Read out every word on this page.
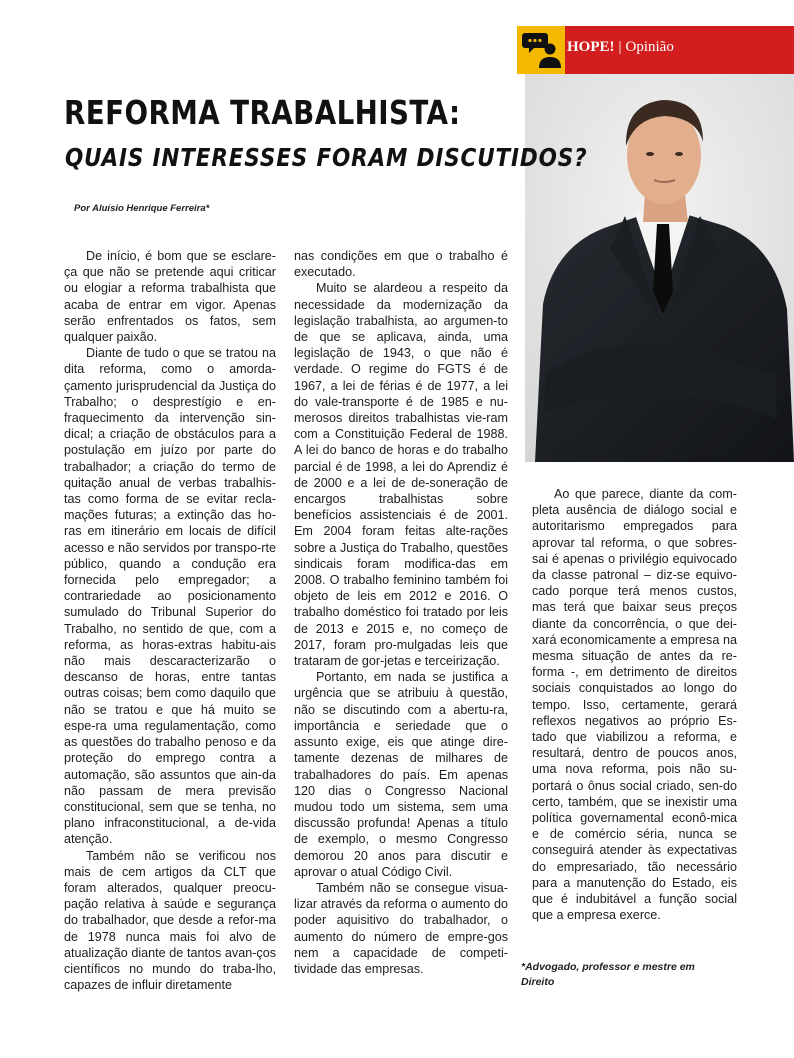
HOPE! | Opinião
REFORMA TRABALHISTA:
QUAIS INTERESSES FORAM DISCUTIDOS?
Por Aluísio Henrique Ferreira*

De início, é bom que se esclare-ça que não se pretende aqui criticar ou elogiar a reforma trabalhista que acaba de entrar em vigor. Apenas serão enfrentados os fatos, sem qualquer paixão.

Diante de tudo o que se tratou na dita reforma, como o amorda-çamento jurisprudencial da Justiça do Trabalho; o desprestígio e en-fraquecimento da intervenção sin-dical; a criação de obstáculos para a postulação em juízo por parte do trabalhador; a criação do termo de quitação anual de verbas trabalhis-tas como forma de se evitar recla-mações futuras; a extinção das ho-ras em itinerário em locais de difícil acesso e não servidos por transpo-rte público, quando a condução era fornecida pelo empregador; a contrariedade ao posicionamento sumulado do Tribunal Superior do Trabalho, no sentido de que, com a reforma, as horas-extras habitu-ais não mais descaracterizarão o descanso de horas, entre tantas outras coisas; bem como daquilo que não se tratou e que há muito se espe-ra uma regulamentação, como as questões do trabalho penoso e da proteção do emprego contra a automação, são assuntos que ain-da não passam de mera previsão constitucional, sem que se tenha, no plano infraconstitucional, a de-vida atenção.

Também não se verificou nos mais de cem artigos da CLT que foram alterados, qualquer preocu-pação relativa à saúde e segurança do trabalhador, que desde a refor-ma de 1978 nunca mais foi alvo de atualização diante de tantos avan-ços científicos no mundo do traba-lho, capazes de influir diretamente

nas condições em que o trabalho é executado.

Muito se alardeou a respeito da necessidade da modernização da legislação trabalhista, ao argumen-to de que se aplicava, ainda, uma legislação de 1943, o que não é verdade. O regime do FGTS é de 1967, a lei de férias é de 1977, a lei do vale-transporte é de 1985 e nu-merosos direitos trabalhistas vie-ram com a Constituição Federal de 1988. A lei do banco de horas e do trabalho parcial é de 1998, a lei do Aprendiz é de 2000 e a lei de de-soneração de encargos trabalhistas sobre benefícios assistenciais é de 2001. Em 2004 foram feitas alte-rações sobre a Justiça do Trabalho, questões sindicais foram modifica-das em 2008. O trabalho feminino também foi objeto de leis em 2012 e 2016. O trabalho doméstico foi tratado por leis de 2013 e 2015 e, no começo de 2017, foram pro-mulgadas leis que trataram de gor-jetas e terceirização.

Portanto, em nada se justifica a urgência que se atribuiu à questão, não se discutindo com a abertu-ra, importância e seriedade que o assunto exige, eis que atinge dire-tamente dezenas de milhares de trabalhadores do país. Em apenas 120 dias o Congresso Nacional mudou todo um sistema, sem uma discussão profunda! Apenas a título de exemplo, o mesmo Congresso demorou 20 anos para discutir e aprovar o atual Código Civil.

Também não se consegue visua-lizar através da reforma o aumento do poder aquisitivo do trabalhador, o aumento do número de empre-gos nem a capacidade de competi-tividade das empresas.

Ao que parece, diante da com-pleta ausência de diálogo social e autoritarismo empregados para aprovar tal reforma, o que sobres-sai é apenas o privilégio equivocado da classe patronal – diz-se equivo-cado porque terá menos custos, mas terá que baixar seus preços diante da concorrência, o que dei-xará economicamente a empresa na mesma situação de antes da re-forma -, em detrimento de direitos sociais conquistados ao longo do tempo. Isso, certamente, gerará reflexos negativos ao próprio Es-tado que viabilizou a reforma, e resultará, dentro de poucos anos, uma nova reforma, pois não su-portará o ônus social criado, sen-do certo, também, que se inexistir uma política governamental econô-mica e de comércio séria, nunca se conseguirá atender às expectativas do empresariado, tão necessário para a manutenção do Estado, eis que é indubitável a função social que a empresa exerce.

*Advogado, professor e mestre em Direito
